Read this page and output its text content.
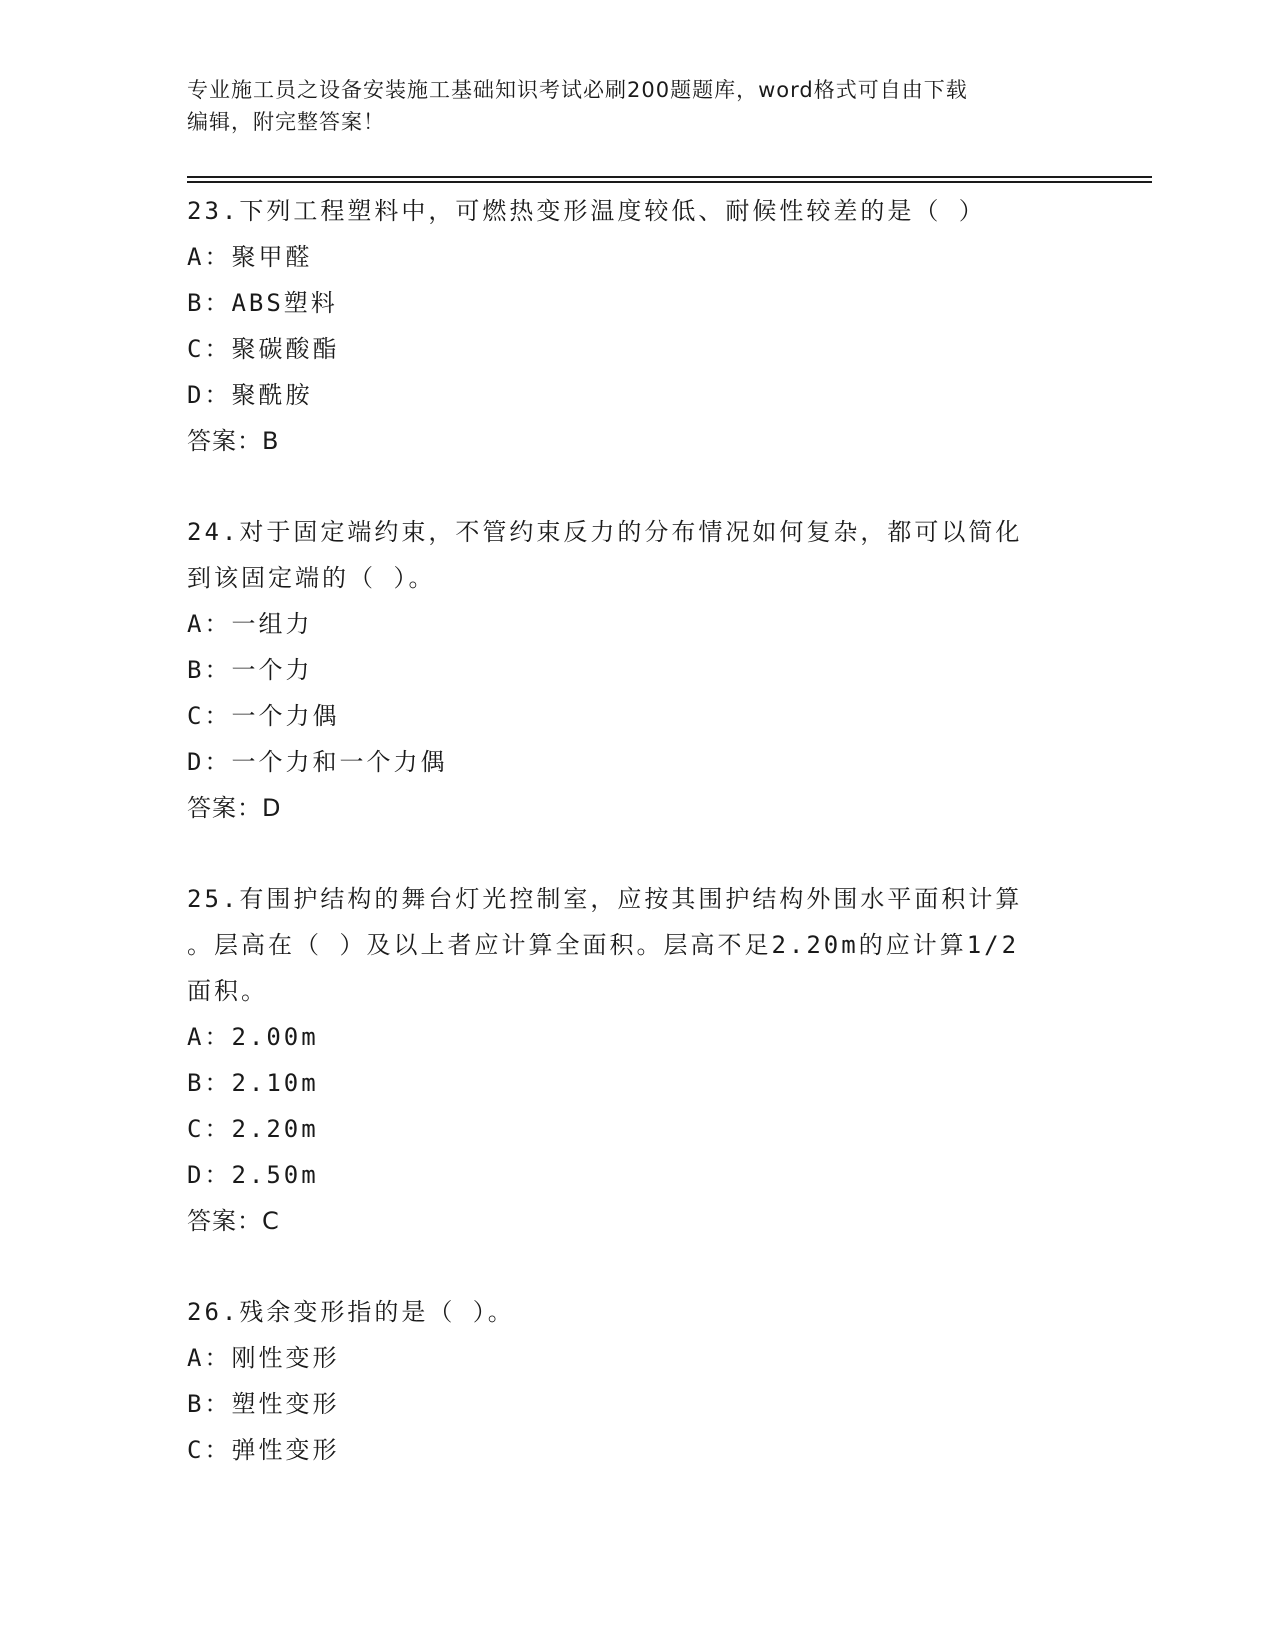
专业施工员之设备安装施工基础知识考试必刷200题题库，word格式可自由下载
编辑，附完整答案！
23.下列工程塑料中，可燃热变形温度较低、耐候性较差的是（ ）
A：聚甲醛
B：ABS塑料
C：聚碳酸酯
D：聚酰胺
答案：B
24.对于固定端约束，不管约束反力的分布情况如何复杂，都可以简化
到该固定端的（ ）。
A：一组力
B：一个力
C：一个力偶
D：一个力和一个力偶
答案：D
25.有围护结构的舞台灯光控制室，应按其围护结构外围水平面积计算
。层高在（ ）及以上者应计算全面积。层高不足2.20m的应计算1/2
面积。
A：2.00m
B：2.10m
C：2.20m
D：2.50m
答案：C
26.残余变形指的是（ ）。
A：刚性变形
B：塑性变形
C：弹性变形
